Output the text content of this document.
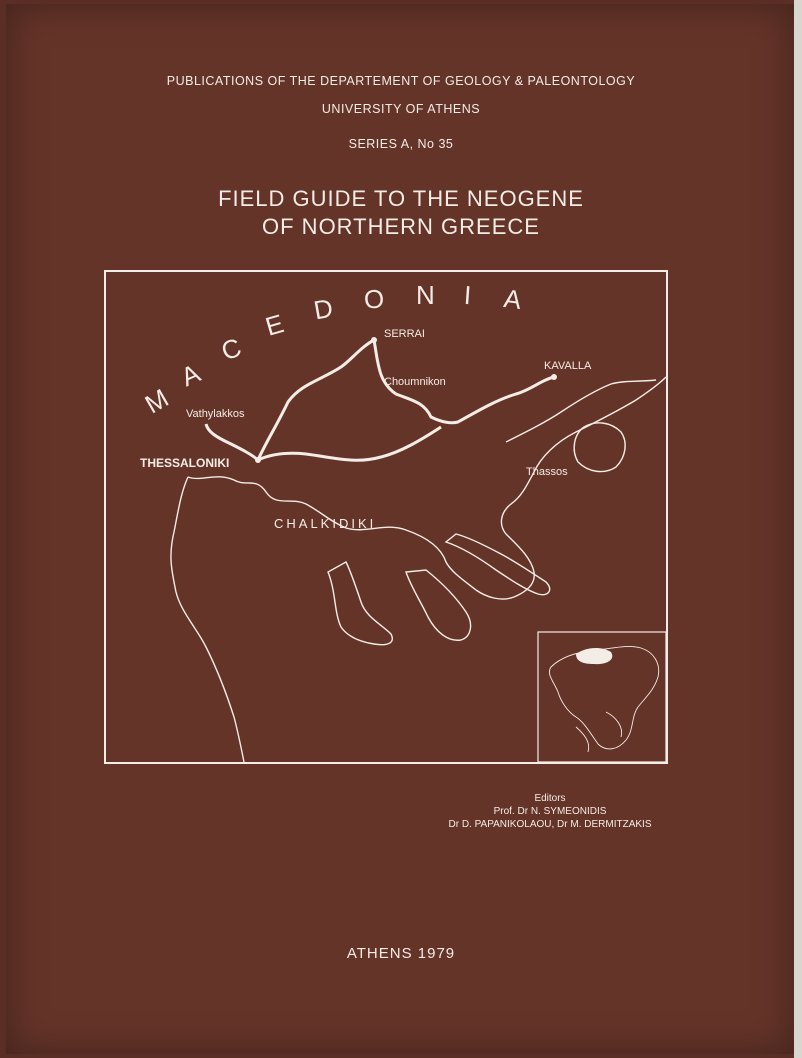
PUBLICATIONS OF THE DEPARTEMENT OF GEOLOGY & PALEONTOLOGY
UNIVERSITY OF ATHENS
SERIES A, No 35
FIELD GUIDE TO THE NEOGENE
OF NORTHERN GREECE
M
A
C
E D O N I A
SERRAI
KAVALLA
Choumnikon
Vathylakkos
THESSALONIKI
Thassos
CHALKIDIKI
Editors
Prof. Dr N. SYMEONIDIS
Dr D. PAPANIKOLAOU, Dr M. DERMITZAKIS
ATHENS 1979
